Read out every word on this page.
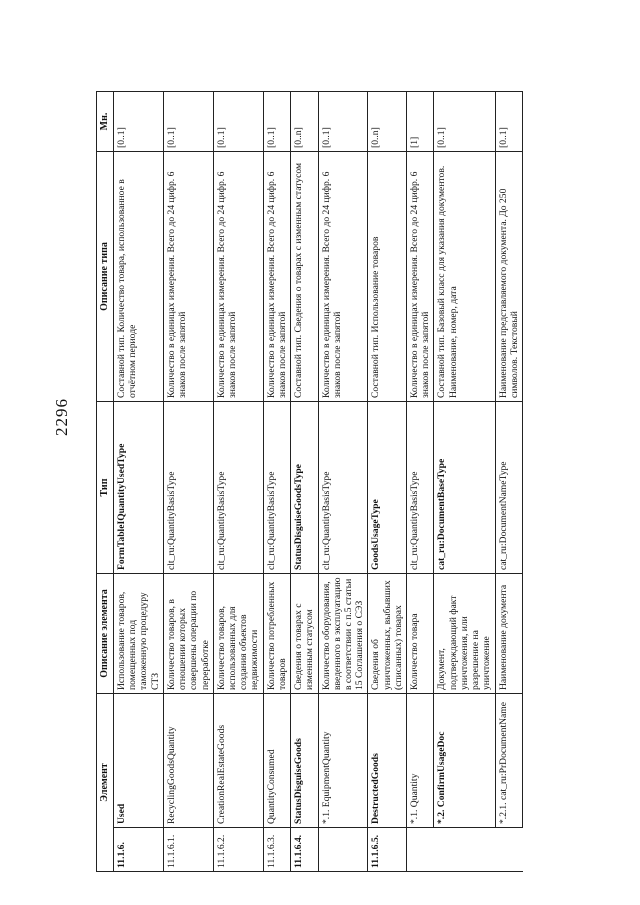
2296
Элемент		Описание элемента	Тип	Описание типа	Мн.
11.1.6.	Used	Использование товаров, помещенных под таможенную процедуру СТЗ	FormTableIQuantityUsedType	Составной тип. Количество товара, использованное в отчётном периоде	[0..1]
11.1.6.1.	RecyclingGoodsQuantity	Количество товаров, в отношении которых совершены операции по переработке	clt_ru:QuantityBasisType	Количество в единицах измерения. Всего до 24 цифр. 6 знаков после запятой	[0..1]
11.1.6.2.	CreationRealEstateGoods	Количество товаров, использованных для создания объектов недвижимости	clt_ru:QuantityBasisType	Количество в единицах измерения. Всего до 24 цифр. 6 знаков после запятой	[0..1]
11.1.6.3.	QuantityConsumed	Количество потребленных товаров	clt_ru:QuantityBasisType	Количество в единицах измерения. Всего до 24 цифр. 6 знаков после запятой	[0..1]
11.1.6.4.	StatusDisguiseGoods	Сведения о товарах с изменным статусом	StatusDisguiseGoodsType	Составной тип. Сведения о товарах с изменным статусом	[0..n]
	*.1. EquipmentQuantity	Количество оборудования, введенного в эксплуатацию в соответствии с п.5 статьи 15 Соглашения о СЭЗ	clt_ru:QuantityBasisType	Количество в единицах измерения. Всего до 24 цифр. 6 знаков после запятой	[0..1]
11.1.6.5.	DestructedGoods	Сведения об уничтоженных, выбывших (списанных) товарах	GoodsUsageType	Составной тип. Использование товаров	[0..n]
	*.1. Quantity	Количество товара	clt_ru:QuantityBasisType	Количество в единицах измерения. Всего до 24 цифр. 6 знаков после запятой	[1]
	*.2. ConfirmUsageDoc	Документ, подтверждающий факт уничтожения, или разрешение на уничтожение	cat_ru:DocumentBaseType	Составной тип. Базовый класс для указания документов. Наименование, номер, дата	[0..1]
	*.2.1. cat_ru:PrDocumentName	Наименование документа	cat_ru:DocumentNameType	Наименование представляемого документа. До 250 символов. Текстовый	[0..1]
